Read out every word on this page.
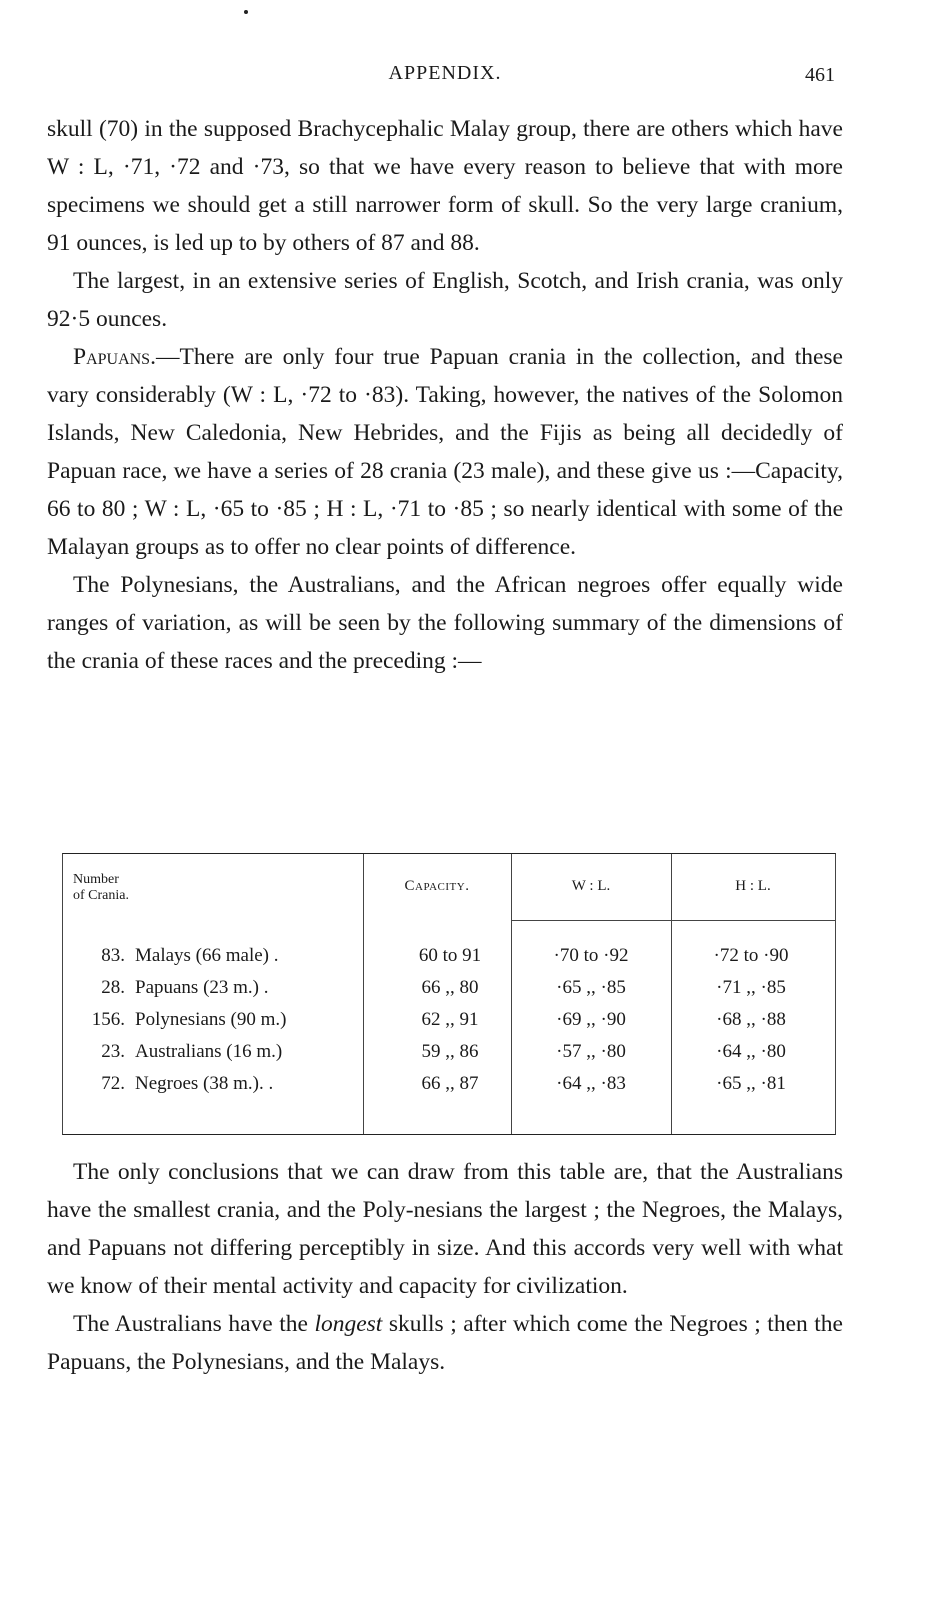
APPENDIX.	461

skull (70) in the supposed Brachycephalic Malay group, there are others which have W : L, ·71, ·72 and ·73, so that we have every reason to believe that with more specimens we should get a still narrower form of skull. So the very large cranium, 91 ounces, is led up to by others of 87 and 88.

The largest, in an extensive series of English, Scotch, and Irish crania, was only 92·5 ounces.

Papuans.—There are only four true Papuan crania in the collection, and these vary considerably (W : L, ·72 to ·83). Taking, however, the natives of the Solomon Islands, New Caledonia, New Hebrides, and the Fijis as being all decidedly of Papuan race, we have a series of 28 crania (23 male), and these give us :—Capacity, 66 to 80 ; W : L, ·65 to ·85 ; H : L, ·71 to ·85 ; so nearly identical with some of the Malayan groups as to offer no clear points of difference.

The Polynesians, the Australians, and the African negroes offer equally wide ranges of variation, as will be seen by the following summary of the dimensions of the crania of these races and the preceding :—

Number
of Crania.
Capacity.	W : L.	H : L.
83. Malays (66 male) .	60 to 91	·70 to ·92	·72 to ·90
28. Papuans (23 m.) .	66 ,, 80	·65 ,, ·85	·71 ,, ·85
156. Polynesians (90 m.)	62 ,, 91	·69 ,, ·90	·68 ,, ·88
23. Australians (16 m.)	59 ,, 86	·57 ,, ·80	·64 ,, ·80
72. Negroes (38 m.). .	66 ,, 87	·64 ,, ·83	·65 ,, ·81

The only conclusions that we can draw from this table are, that the Australians have the smallest crania, and the Poly-nesians the largest ; the Negroes, the Malays, and Papuans not differing perceptibly in size. And this accords very well with what we know of their mental activity and capacity for civilization.

The Australians have the longest skulls ; after which come the Negroes ; then the Papuans, the Polynesians, and the Malays.
